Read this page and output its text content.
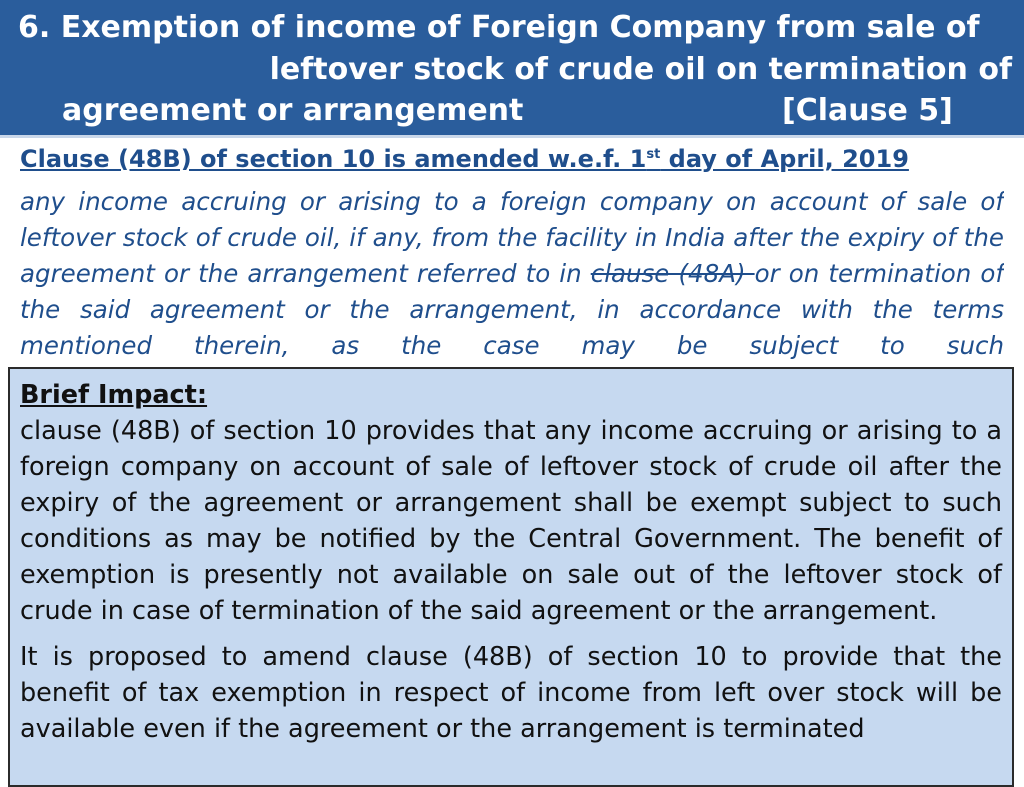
6. Exemption of income of Foreign Company from sale of
leftover stock of crude oil on termination of
agreement or arrangement	[Clause 5]
Clause (48B) of section 10 is amended w.e.f. 1st day of April, 2019

any income accruing or arising to a foreign company on account of sale of leftover stock of crude oil, if any, from the facility in India after the expiry of the agreement or the arrangement referred to in clause (48A) or on termination of the said agreement or the arrangement, in accordance with the terms mentioned therein, as the case may be subject to such

Brief Impact:

clause (48B) of section 10 provides that any income accruing or arising to a foreign company on account of sale of leftover stock of crude oil after the expiry of the agreement or arrangement shall be exempt subject to such conditions as may be notified by the Central Government. The benefit of exemption is presently not available on sale out of the leftover stock of crude in case of termination of the said agreement or the arrangement.

It is proposed to amend clause (48B) of section 10 to provide that the benefit of tax exemption in respect of income from left over stock will be available even if the agreement or the arrangement is terminated
